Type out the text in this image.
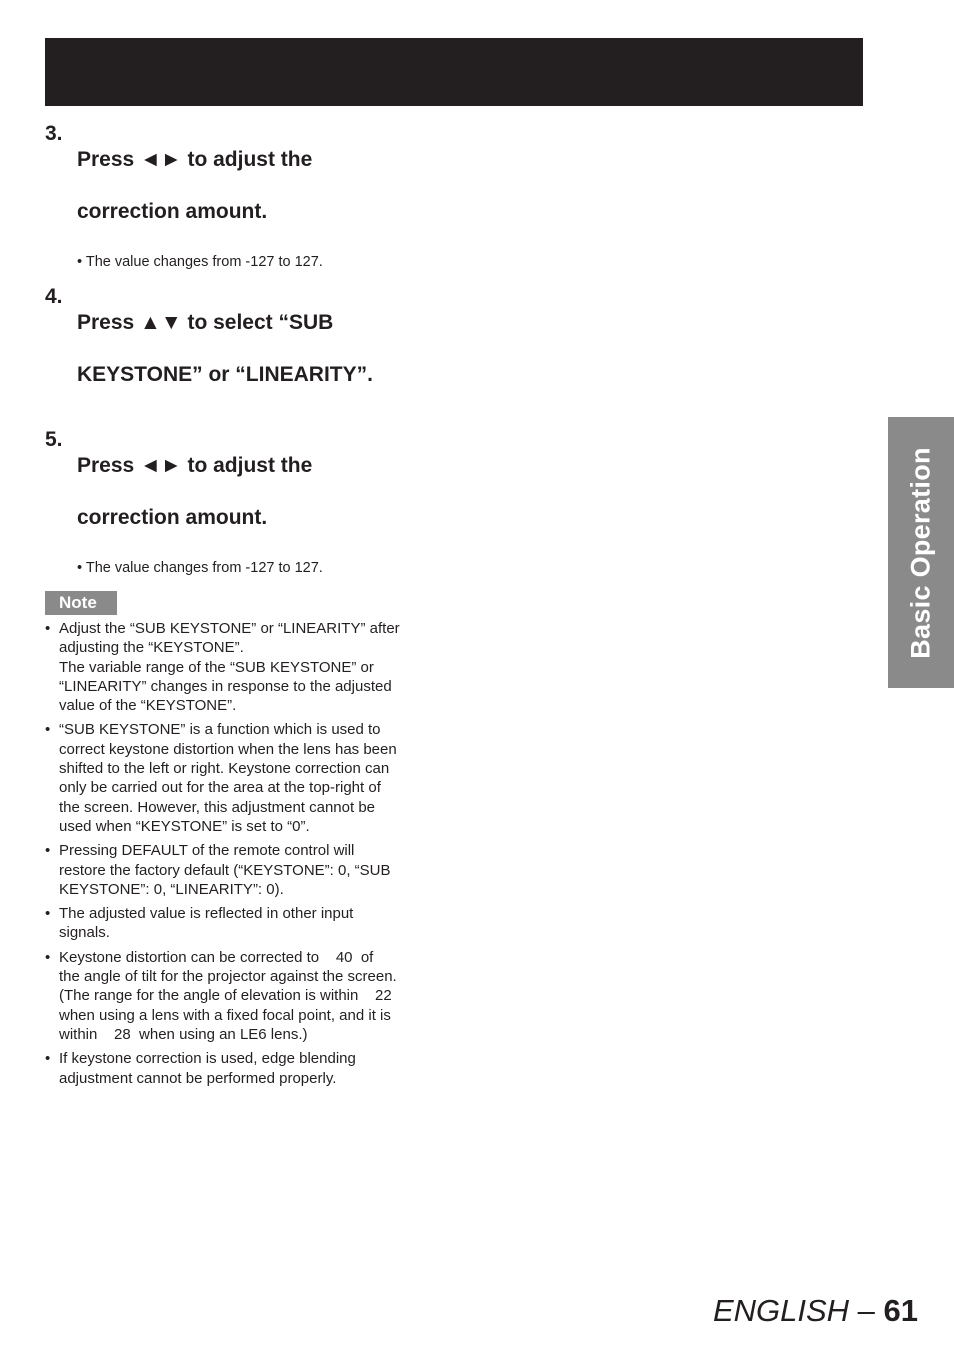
3.

Press ◄► to adjust the

correction amount.

• The value changes from -127 to 127.
4.

Press ▲▼ to select “SUB

KEYSTONE” or “LINEARITY”.

5.

Press ◄► to adjust the

correction amount.

• The value changes from -127 to 127.
Note
• Adjust the “SUB KEYSTONE” or “LINEARITY” after
adjusting the “KEYSTONE”.
The variable range of the “SUB KEYSTONE” or
“LINEARITY” changes in response to the adjusted
value of the “KEYSTONE”.
• “SUB KEYSTONE” is a function which is used to
correct keystone distortion when the lens has been
shifted to the left or right. Keystone correction can
only be carried out for the area at the top-right of
the screen. However, this adjustment cannot be
used when “KEYSTONE” is set to “0”.
• Pressing DEFAULT of the remote control will
restore the factory default (“KEYSTONE”: 0, “SUB
KEYSTONE”: 0, “LINEARITY”: 0).
• The adjusted value is reflected in other input
signals.
• Keystone distortion can be corrected to    40  of
the angle of tilt for the projector against the screen.
(The range for the angle of elevation is within    22
when using a lens with a fixed focal point, and it is
within    28  when using an LE6 lens.)
• If keystone correction is used, edge blending
adjustment cannot be performed properly.
Basic Operation
ENGLISH – 61
